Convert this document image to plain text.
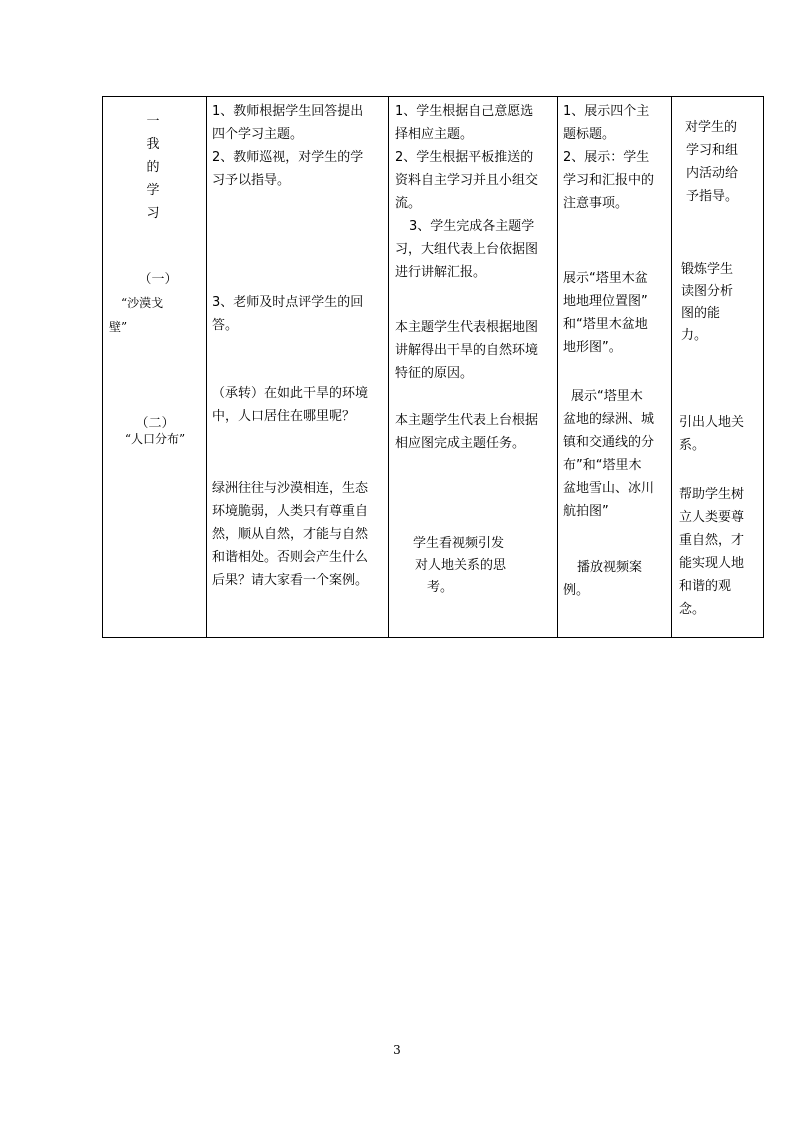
一
我
的
学
习
（一）
“沙漠戈
壁”
（二）
“人口分布”
1、教师根据学生回答提出
四个学习主题。
2、教师巡视，对学生的学
习予以指导。
3、老师及时点评学生的回
答。
（承转）在如此干旱的环境
中，人口居住在哪里呢？
绿洲往往与沙漠相连，生态
环境脆弱，人类只有尊重自
然，顺从自然，才能与自然
和谐相处。否则会产生什么
后果？请大家看一个案例。
1、学生根据自己意愿选
择相应主题。
2、学生根据平板推送的
资料自主学习并且小组交
流。
3、学生完成各主题学
习，大组代表上台依据图
进行讲解汇报。
本主题学生代表根据地图
讲解得出干旱的自然环境
特征的原因。
本主题学生代表上台根据
相应图完成主题任务。
学生看视频引发
对人地关系的思
考。
1、展示四个主
题标题。
2、展示：学生
学习和汇报中的
注意事项。
展示“塔里木盆
地地理位置图”
和“塔里木盆地
地形图”。
展示“塔里木
盆地的绿洲、城
镇和交通线的分
布”和“塔里木
盆地雪山、冰川
航拍图”
播放视频案
例。
对学生的
学习和组
内活动给
予指导。
锻炼学生
读图分析
图的能
力。
引出人地关
系。
帮助学生树
立人类要尊
重自然，才
能实现人地
和谐的观
念。
3
